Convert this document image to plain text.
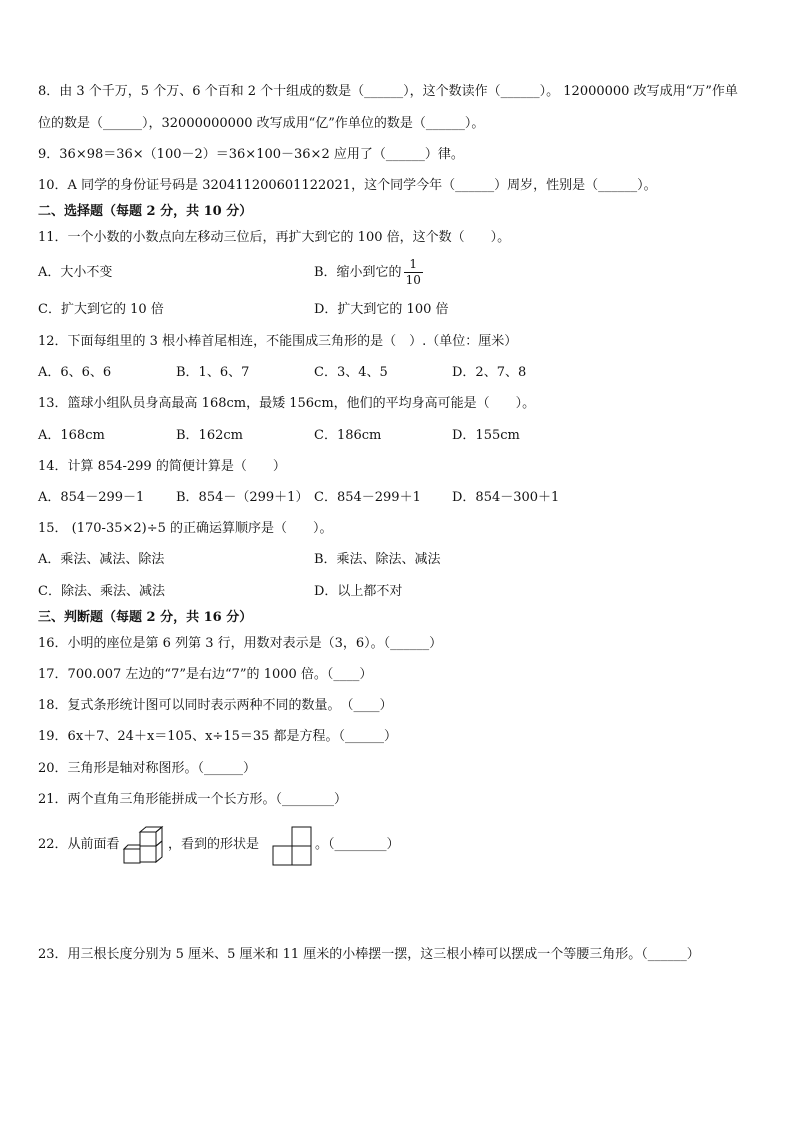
8．由 3 个千万，5 个万、6 个百和 2 个十组成的数是（______），这个数读作（______）。 12000000 改写成用“万”作单
位的数是（______），32000000000 改写成用“亿”作单位的数是（______）。
9．36×98＝36×（100－2）＝36×100－36×2 应用了（______）律。
10．A 同学的身份证号码是 320411200601122021，这个同学今年（______）周岁，性别是（______）。
二、选择题（每题 2 分，共 10 分）
11．一个小数的小数点向左移动三位后，再扩大到它的 100 倍，这个数（　　）。
A．大小不变	B．缩小到它的 $\frac{1}{10}$
C．扩大到它的 10 倍	D．扩大到它的 100 倍
12．下面每组里的 3 根小棒首尾相连，不能围成三角形的是（　）.（单位：厘米）
A．6、6、6	B．1、6、7	C．3、4、5	D．2、7、8
13．篮球小组队员身高最高 168cm，最矮 156cm，他们的平均身高可能是（　　）。
A．168cm	B．162cm	C．186cm	D．155cm
14．计算 854-299 的简便计算是（　　）
A．854－299－1 B．854－（299＋1） C．854－299＋1 D．854－300＋1
15． (170-35×2)÷5 的正确运算顺序是（　　）。
A．乘法、减法、除法	B．乘法、除法、减法
C．除法、乘法、减法	D．以上都不对
三、判断题（每题 2 分，共 16 分）
16．小明的座位是第 6 列第 3 行，用数对表示是（3，6）。（______）
17．700.007 左边的“7”是右边“7”的 1000 倍。（____）
18．复式条形统计图可以同时表示两种不同的数量。　（____）
19．6x＋7、24＋x＝105、x÷15＝35 都是方程。（______）
20．三角形是轴对称图形。（______）
21．两个直角三角形能拼成一个长方形。（________）
22．从前面看	，看到的形状是	。（________）
23．用三根长度分别为 5 厘米、5 厘米和 11 厘米的小棒摆一摆，这三根小棒可以摆成一个等腰三角形。（______）
